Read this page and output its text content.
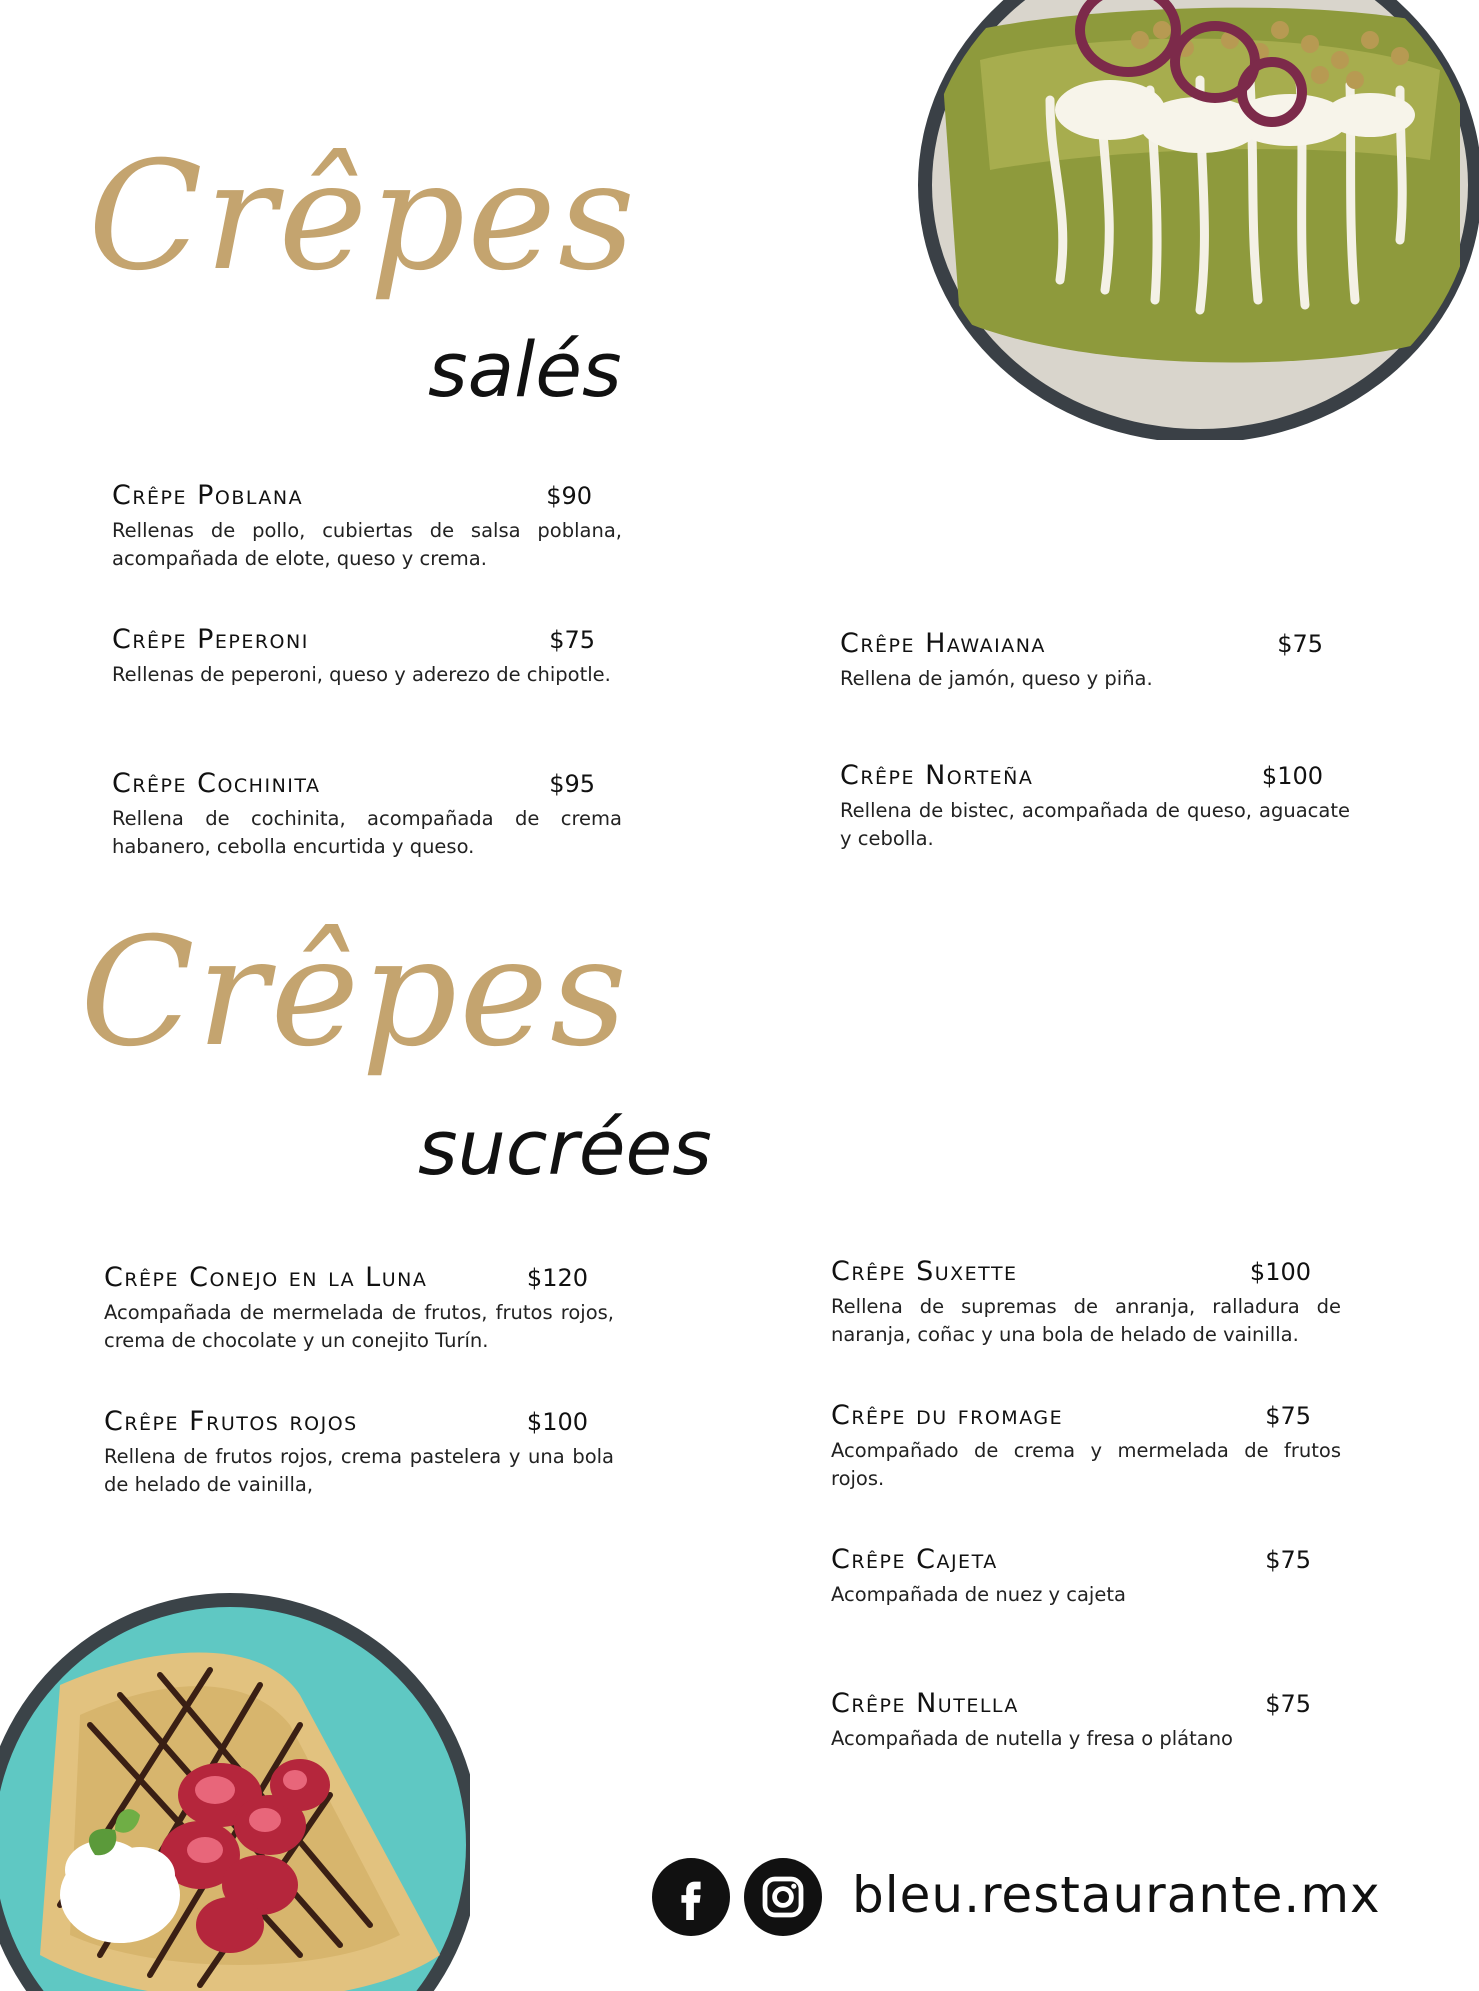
Crêpes
salés
Crêpe Poblana	$90
Rellenas de pollo, cubiertas de salsa poblana, acompañada de elote, queso y crema.
Crêpe Peperoni	$75
Rellenas de peperoni, queso y aderezo de chipotle.
Crêpe Cochinita	$95
Rellena de cochinita, acompañada de crema habanero, cebolla encurtida y queso.
Crêpe Hawaiana	$75
Rellena de jamón, queso y piña.
Crêpe Norteña	$100
Rellena de bistec, acompañada de queso, aguacate y cebolla.
Crêpes
sucrées
Crêpe Conejo en la Luna	$120
Acompañada de mermelada de frutos, frutos rojos, crema de chocolate y un conejito Turín.
Crêpe Frutos rojos	$100
Rellena de frutos rojos, crema pastelera y una bola de helado de vainilla,
Crêpe Suxette	$100
Rellena de supremas de anranja, ralladura de naranja, coñac y una bola de helado de vainilla.
Crêpe du fromage	$75
Acompañado de crema y mermelada de frutos rojos.
Crêpe Cajeta	$75
Acompañada de nuez y cajeta
Crêpe Nutella	$75
Acompañada de nutella y fresa o plátano
bleu.restaurante.mx
